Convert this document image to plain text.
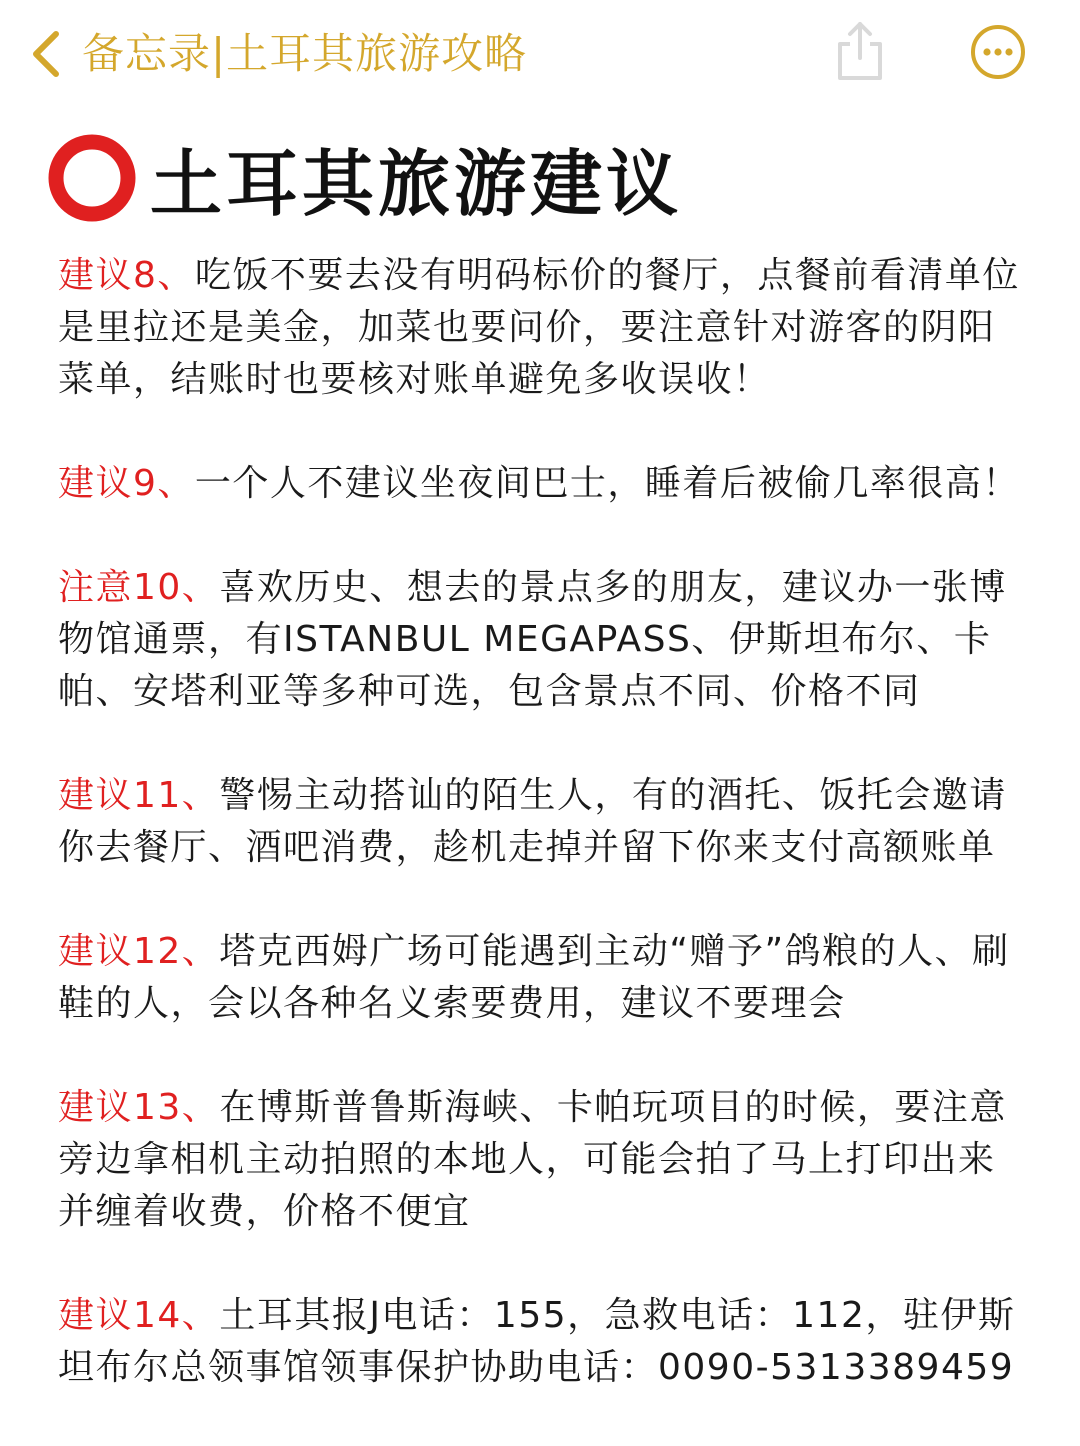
备忘录|土耳其旅游攻略
土耳其旅游建议

建议8、吃饭不要去没有明码标价的餐厅，点餐前看清单位是里拉还是美金，加菜也要问价，要注意针对游客的阴阳菜单，结账时也要核对账单避免多收误收！

建议9、一个人不建议坐夜间巴士，睡着后被偷几率很高！

注意10、喜欢历史、想去的景点多的朋友，建议办一张博物馆通票，有ISTANBUL MEGAPASS、伊斯坦布尔、卡帕、安塔利亚等多种可选，包含景点不同、价格不同

建议11、警惕主动搭讪的陌生人，有的酒托、饭托会邀请你去餐厅、酒吧消费，趁机走掉并留下你来支付高额账单

建议12、塔克西姆广场可能遇到主动“赠予”鸽粮的人、刷鞋的人，会以各种名义索要费用，建议不要理会

建议13、在博斯普鲁斯海峡、卡帕玩项目的时候，要注意旁边拿相机主动拍照的本地人，可能会拍了马上打印出来并缠着收费，价格不便宜

建议14、土耳其报J电话：155，急救电话：112，驻伊斯坦布尔总领事馆领事保护协助电话：0090-5313389459
